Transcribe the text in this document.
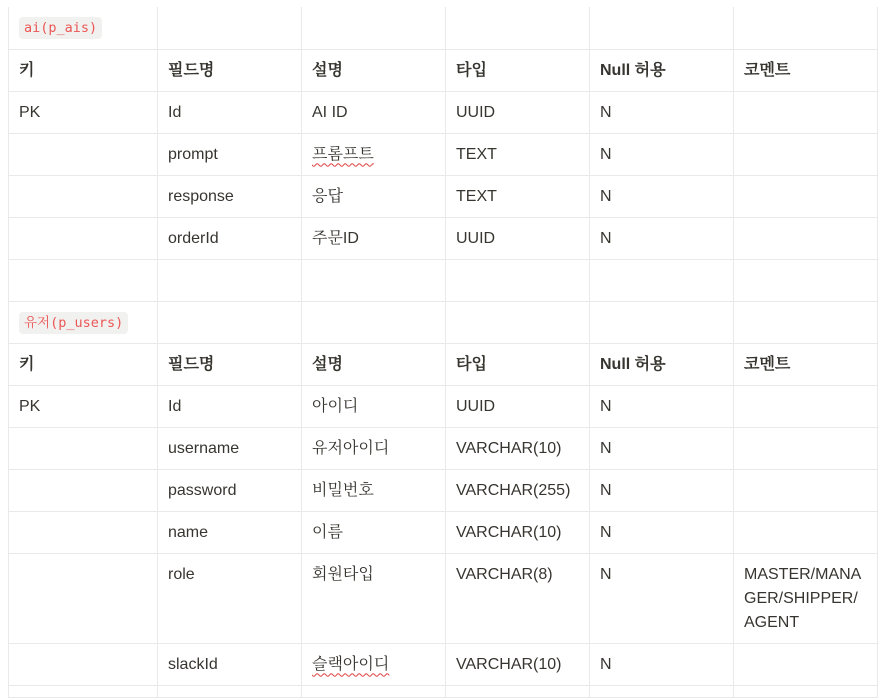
ai(p_ais)					
키	필드명	설명	타입	Null 허용	코멘트
PK	Id	AI ID	UUID	N	
	prompt	프롬프트	TEXT	N	
	response	응답	TEXT	N	
	orderId	주문ID	UUID	N	

유저(p_users)					
키	필드명	설명	타입	Null 허용	코멘트
PK	Id	아이디	UUID	N	
	username	유저아이디	VARCHAR(10)	N	
	password	비밀번호	VARCHAR(255)	N	
	name	이름	VARCHAR(10)	N	
	role	회원타입	VARCHAR(8)	N	MASTER/MANAGER/SHIPPER/AGENT
	slackId	슬랙아이디	VARCHAR(10)	N	
